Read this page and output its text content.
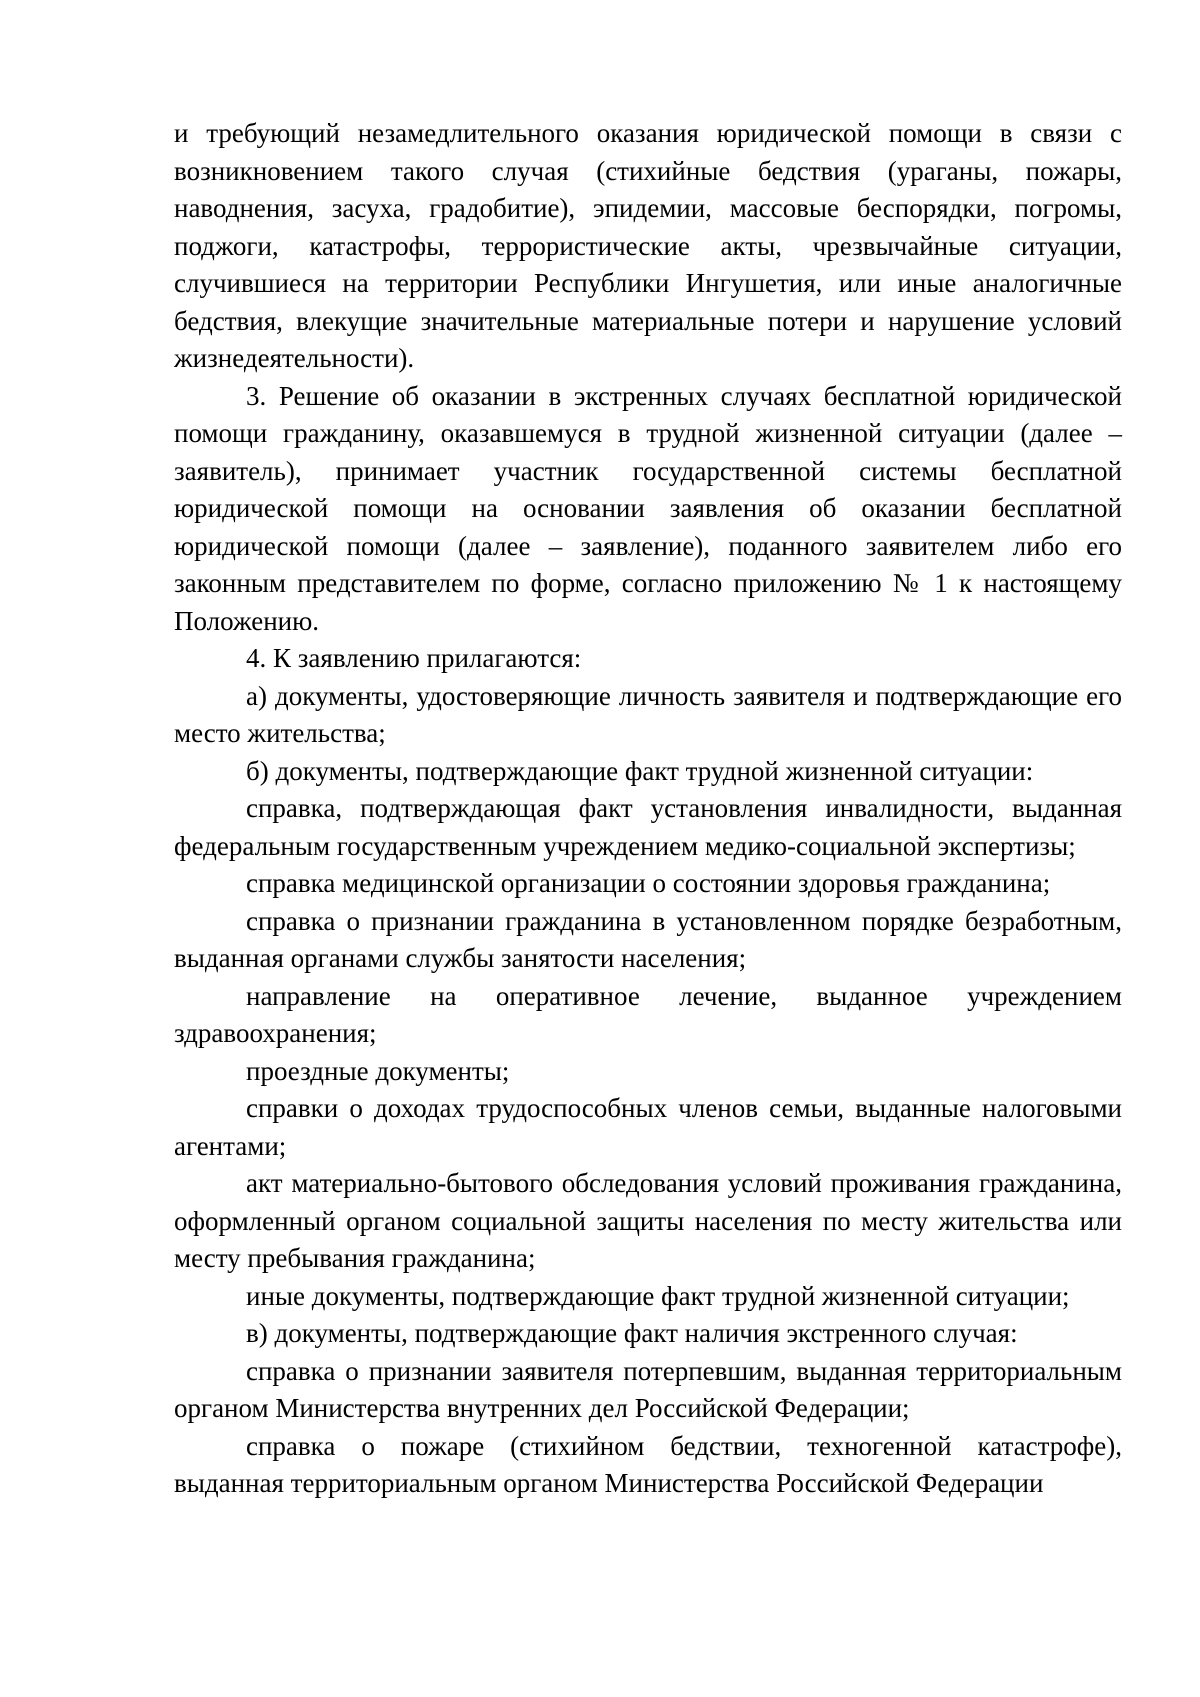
и требующий незамедлительного оказания юридической помощи в связи с возникновением такого случая (стихийные бедствия (ураганы, пожары, наводнения, засуха, градобитие), эпидемии, массовые беспорядки, погромы, поджоги, катастрофы, террористические акты, чрезвычайные ситуации, случившиеся на территории Республики Ингушетия, или иные аналогичные бедствия, влекущие значительные материальные потери и нарушение условий жизнедеятельности).

3. Решение об оказании в экстренных случаях бесплатной юридической помощи гражданину, оказавшемуся в трудной жизненной ситуации (далее – заявитель), принимает участник государственной системы бесплатной юридической помощи на основании заявления об оказании бесплатной юридической помощи (далее – заявление), поданного заявителем либо его законным представителем по форме, согласно приложению № 1 к настоящему Положению.

4. К заявлению прилагаются:

а) документы, удостоверяющие личность заявителя и подтверждающие его место жительства;

б) документы, подтверждающие факт трудной жизненной ситуации:

справка, подтверждающая факт установления инвалидности, выданная федеральным государственным учреждением медико-социальной экспертизы;

справка медицинской организации о состоянии здоровья гражданина;

справка о признании гражданина в установленном порядке безработным, выданная органами службы занятости населения;

направление на оперативное лечение, выданное учреждением здравоохранения;

проездные документы;

справки о доходах трудоспособных членов семьи, выданные налоговыми агентами;

акт материально-бытового обследования условий проживания гражданина, оформленный органом социальной защиты населения по месту жительства или месту пребывания гражданина;

иные документы, подтверждающие факт трудной жизненной ситуации;

в) документы, подтверждающие факт наличия экстренного случая:

справка о признании заявителя потерпевшим, выданная территориальным органом Министерства внутренних дел Российской Федерации;

справка о пожаре (стихийном бедствии, техногенной катастрофе), выданная территориальным органом Министерства Российской Федерации
